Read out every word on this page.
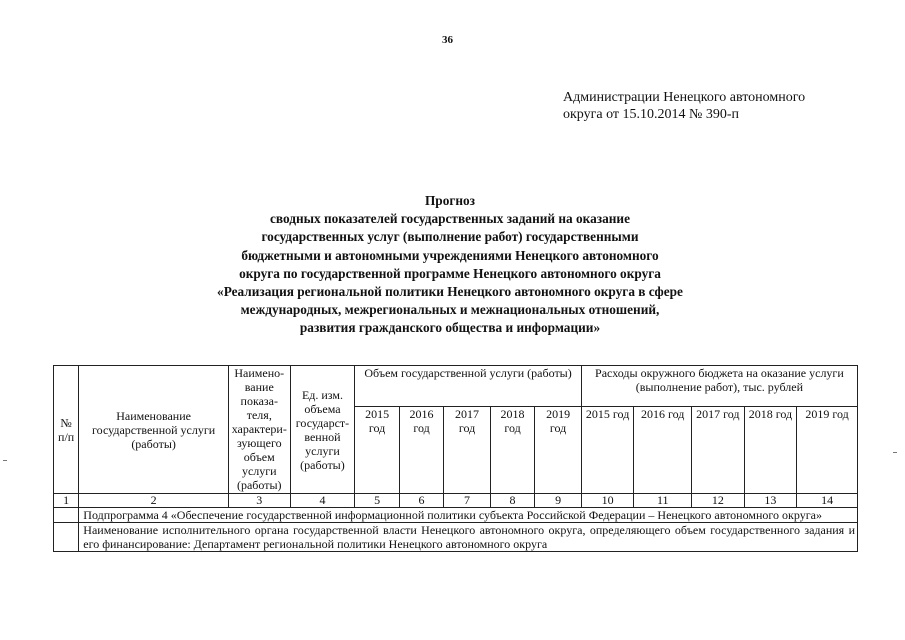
36
Администрации Ненецкого автономного
округа от 15.10.2014 № 390-п
Прогноз
сводных показателей государственных заданий на оказание
государственных услуг (выполнение работ) государственными
бюджетными и автономными учреждениями Ненецкого автономного
округа по государственной программе Ненецкого автономного округа
«Реализация региональной политики Ненецкого автономного округа в сфере
международных, межрегиональных и межнациональных отношений,
развития гражданского общества и информации»
№ п/п	Наименование государственной услуги (работы)	Наимено-вание показа-теля, характери-зующего объем услуги (работы)	Ед. изм. объема государст-венной услуги (работы)	Объем государственной услуги (работы)					Расходы окружного бюджета на оказание услуги (выполнение работ), тыс. рублей				
				2015 год	2016 год	2017 год	2018 год	2019 год	2015 год	2016 год	2017 год	2018 год	2019 год
1	2	3	4	5	6	7	8	9	10	11	12	13	14
	Подпрограмма 4 «Обеспечение государственной информационной политики субъекта Российской Федерации – Ненецкого автономного округа»												
	Наименование исполнительного органа государственной власти Ненецкого автономного округа, определяющего объем государственного задания и его финансирование: Департамент региональной политики Ненецкого автономного округа												
